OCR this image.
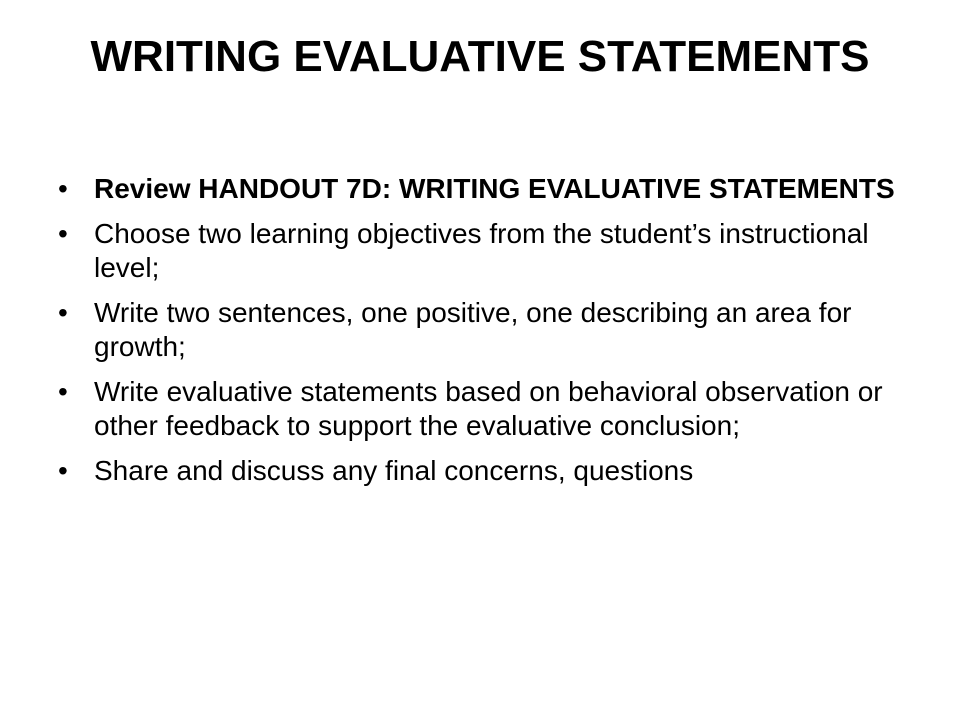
WRITING EVALUATIVE STATEMENTS
• Review HANDOUT 7D: WRITING EVALUATIVE STATEMENTS
• Choose two learning objectives from the student’s instructional level;
• Write two sentences, one positive, one describing an area for growth;
• Write evaluative statements based on behavioral observation or other feedback to support the evaluative conclusion;
• Share and discuss any final concerns, questions
